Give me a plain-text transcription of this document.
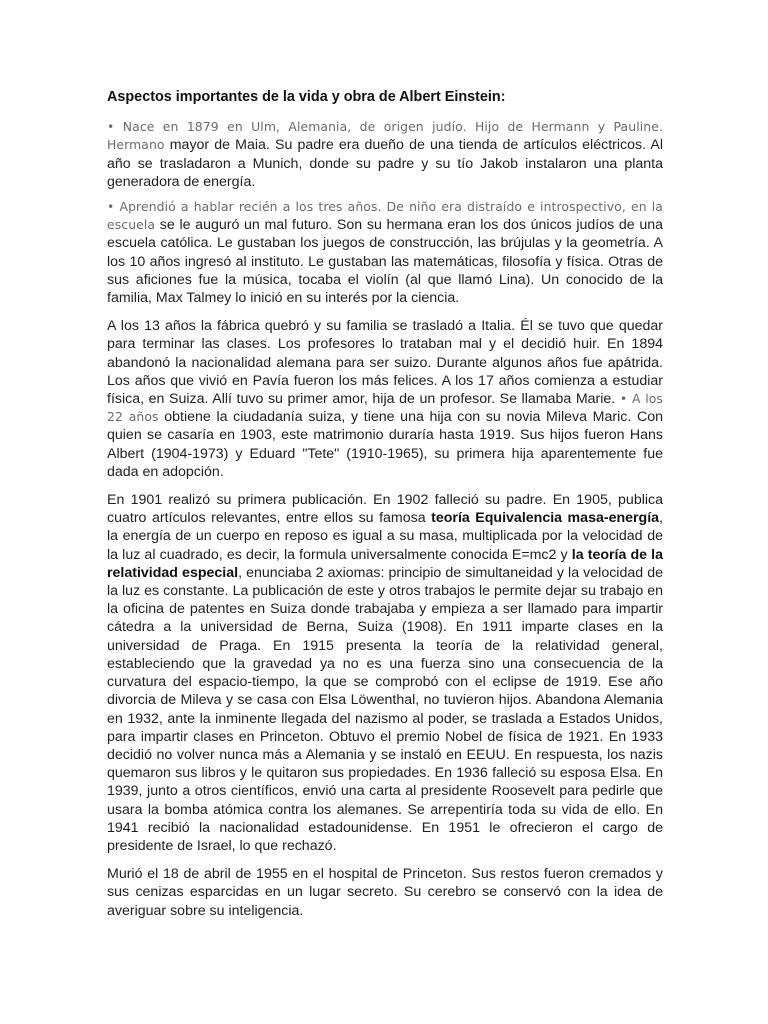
Aspectos importantes de la vida y obra de Albert Einstein:

• Nace en 1879 en Ulm, Alemania, de origen judío. Hijo de Hermann y Pauline. Hermano mayor de Maia. Su padre era dueño de una tienda de artículos eléctricos. Al año se trasladaron a Munich, donde su padre y su tío Jakob instalaron una planta generadora de energía.

• Aprendió a hablar recién a los tres años. De niño era distraído e introspectivo, en la escuela se le auguró un mal futuro. Son su hermana eran los dos únicos judíos de una escuela católica. Le gustaban los juegos de construcción, las brújulas y la geometría. A los 10 años ingresó al instituto. Le gustaban las matemáticas, filosofía y física. Otras de sus aficiones fue la música, tocaba el violín (al que llamó Lina). Un conocido de la familia, Max Talmey lo inició en su interés por la ciencia.

A los 13 años la fábrica quebró y su familia se trasladó a Italia. Él se tuvo que quedar para terminar las clases. Los profesores lo trataban mal y el decidió huir. En 1894 abandonó la nacionalidad alemana para ser suizo. Durante algunos años fue apátrida. Los años que vivió en Pavía fueron los más felices. A los 17 años comienza a estudiar física, en Suiza. Allí tuvo su primer amor, hija de un profesor. Se llamaba Marie. • A los 22 años obtiene la ciudadanía suiza, y tiene una hija con su novia Mileva Maric. Con quien se casaría en 1903, este matrimonio duraría hasta 1919. Sus hijos fueron Hans Albert (1904-1973) y Eduard "Tete" (1910-1965), su primera hija aparentemente fue dada en adopción.

En 1901 realizó su primera publicación. En 1902 falleció su padre. En 1905, publica cuatro artículos relevantes, entre ellos su famosa teoría Equivalencia masa-energía, la energía de un cuerpo en reposo es igual a su masa, multiplicada por la velocidad de la luz al cuadrado, es decir, la formula universalmente conocida E=mc2 y la teoría de la relatividad especial, enunciaba 2 axiomas: principio de simultaneidad y la velocidad de la luz es constante. La publicación de este y otros trabajos le permite dejar su trabajo en la oficina de patentes en Suiza donde trabajaba y empieza a ser llamado para impartir cátedra a la universidad de Berna, Suiza (1908). En 1911 imparte clases en la universidad de Praga. En 1915 presenta la teoría de la relatividad general, estableciendo que la gravedad ya no es una fuerza sino una consecuencia de la curvatura del espacio-tiempo, la que se comprobó con el eclipse de 1919. Ese año divorcia de Mileva y se casa con Elsa Löwenthal, no tuvieron hijos. Abandona Alemania en 1932, ante la inminente llegada del nazismo al poder, se traslada a Estados Unidos, para impartir clases en Princeton. Obtuvo el premio Nobel de física de 1921. En 1933 decidió no volver nunca más a Alemania y se instaló en EEUU. En respuesta, los nazis quemaron sus libros y le quitaron sus propiedades. En 1936 falleció su esposa Elsa. En 1939, junto a otros científicos, envió una carta al presidente Roosevelt para pedirle que usara la bomba atómica contra los alemanes. Se arrepentiría toda su vida de ello. En 1941 recibió la nacionalidad estadounidense. En 1951 le ofrecieron el cargo de presidente de Israel, lo que rechazó.

Murió el 18 de abril de 1955 en el hospital de Princeton. Sus restos fueron cremados y sus cenizas esparcidas en un lugar secreto. Su cerebro se conservó con la idea de averiguar sobre su inteligencia.
